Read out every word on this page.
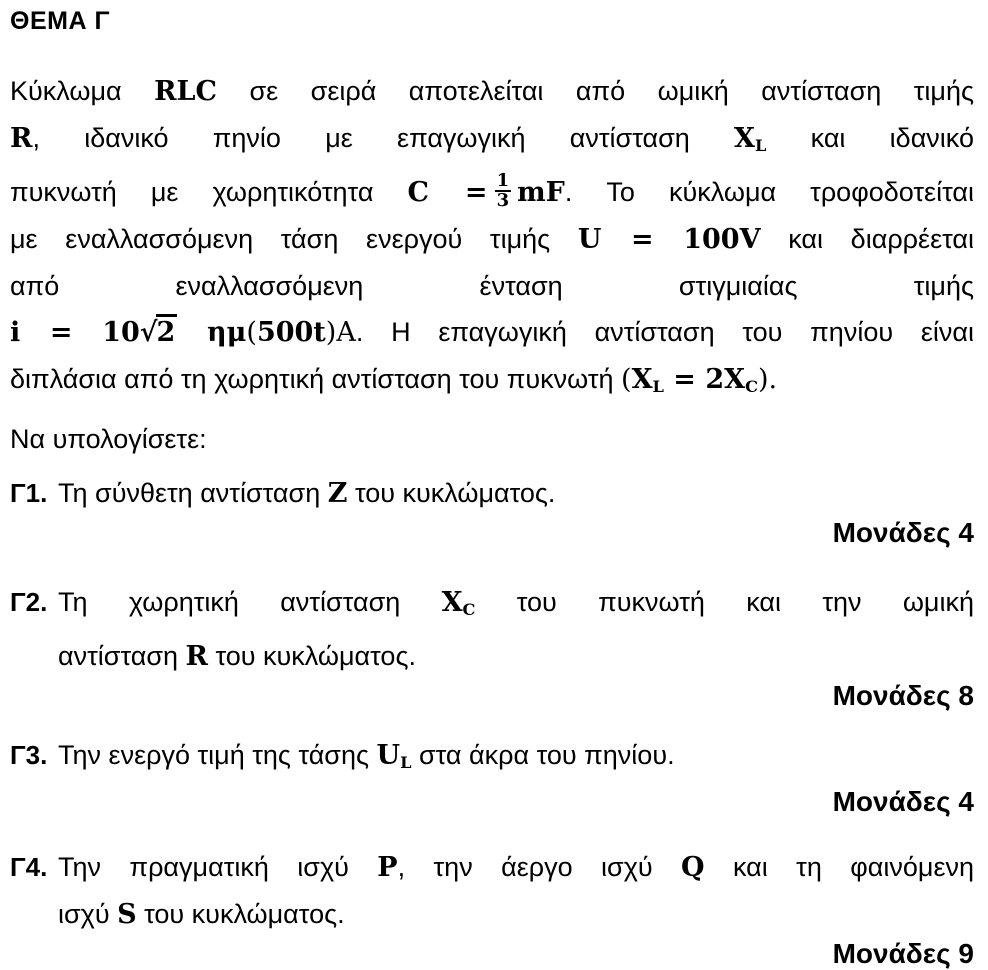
ΘΕΜΑ Γ
Κύκλωμα RLC σε σειρά αποτελείται από ωμική αντίσταση τιμής
R, ιδανικό πηνίο με επαγωγική αντίσταση $X_L$ και ιδανικό
πυκνωτή με χωρητικότητα $C = \frac{1}{3}$ mF. Το κύκλωμα τροφοδοτείται
με εναλλασσόμενη τάση ενεργού τιμής U = 100V και διαρρέεται
από εναλλασσόμενη ένταση στιγμιαίας τιμής
i = 10√2 ημ(500t)A. Η επαγωγική αντίσταση του πηνίου είναι
διπλάσια από τη χωρητική αντίσταση του πυκνωτή $(X_L = 2X_C)$.
Να υπολογίσετε:
Γ1. Τη σύνθετη αντίσταση Z του κυκλώματος.
Μονάδες 4
Γ2. Τη χωρητική αντίσταση $X_C$ του πυκνωτή και την ωμική
αντίσταση R του κυκλώματος.
Μονάδες 8
Γ3. Την ενεργό τιμή της τάσης $U_L$ στα άκρα του πηνίου.
Μονάδες 4
Γ4. Την πραγματική ισχύ P, την άεργο ισχύ Q και τη φαινόμενη
ισχύ S του κυκλώματος.
Μονάδες 9
